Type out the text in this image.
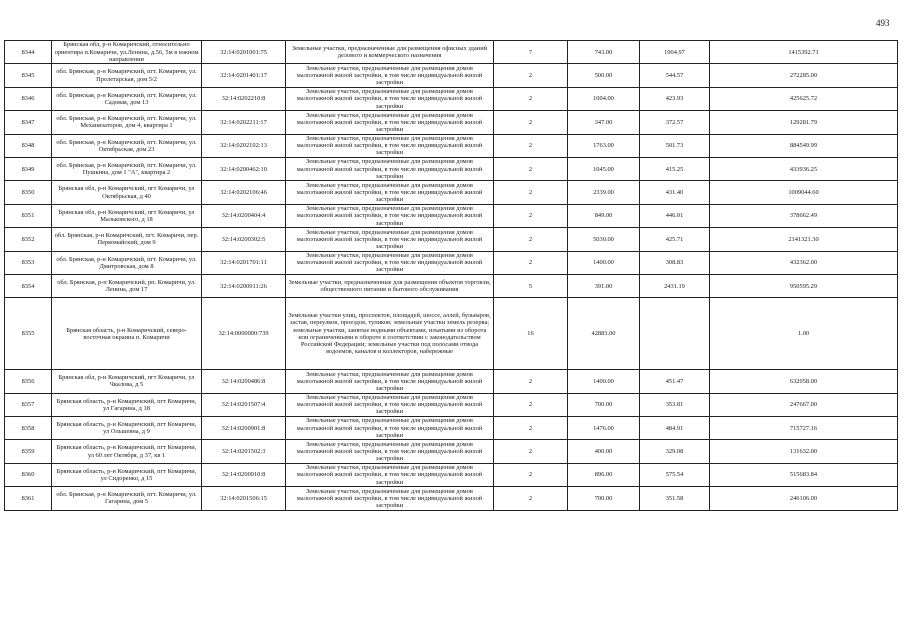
493
8344	Брянская обл, р-н Комаричский, относительно ориентира п.Комаричи, ул.Ленина, д.56, 5м в южном направлении	32:14:0201001:75	Земельные участки, предназначенные для размещения офисных зданий делового и коммерческого назначения	7	743.00	1904.97	1415392.71
8345	обл. Брянская, р-н Комаричский, пгт. Комаричи, ул. Пролетарская, дом 5/2	32:14:0201401:17	Земельные участки, предназначенные для размещения домов малоэтажной жилой застройки, в том числе индивидуальной жилой застройки	2	500.00	544.57	272285.00
8346	обл. Брянская, р-н Комаричский, пгт. Комаричи, ул. Садовая, дом 13	32:14:0202210:8	Земельные участки, предназначенные для размещения домов малоэтажной жилой застройки, в том числе индивидуальной жилой застройки	2	1004.00	423.93	425625.72
8347	обл. Брянская, р-н Комаричский, пгт. Комаричи, ул. Механизаторов, дом 4, квартира 1	32:14:0202211:17	Земельные участки, предназначенные для размещения домов малоэтажной жилой застройки, в том числе индивидуальной жилой застройки	2	347.00	372.57	129281.79
8348	обл. Брянская, р-н Комаричский, пгт. Комаричи, ул. Октябрьская, дом 23	32:14:0202102:13	Земельные участки, предназначенные для размещения домов малоэтажной жилой застройки, в том числе индивидуальной жилой застройки	2	1763.00	501.73	884549.99
8349	обл. Брянская, р-н Комаричский, пгт. Комаричи, ул. Пушкина, дом 1 "А", квартира 2	32:14:0200462:10	Земельные участки, предназначенные для размещения домов малоэтажной жилой застройки, в том числе индивидуальной жилой застройки	2	1045.00	415.25	433936.25
8350	Брянская обл, р-н Комаричский, пгт Комаричи, ул Октябрьская, д 40	32:14:0202106:46	Земельные участки, предназначенные для размещения домов малоэтажной жилой застройки, в том числе индивидуальной жилой застройки	2	2339.00	431.40	1009044.60
8351	Брянская обл, р-н Комаричский, пгт Комаричи, ул Мальковского, д 18	32:14:0200404:4	Земельные участки, предназначенные для размещения домов малоэтажной жилой застройки, в том числе индивидуальной жилой застройки	2	849.00	446.01	378662.49
8352	обл. Брянская, р-н Комаричский, пгт. Комаричи, пер. Первомайский, дом 9	32:14:0200302:5	Земельные участки, предназначенные для размещения домов малоэтажной жилой застройки, в том числе индивидуальной жилой застройки	2	5030.00	425.71	2141321.30
8353	обл. Брянская, р-н Комаричский, пгт. Комаричи, ул. Дмитровская, дом 8	32:14:0201701:11	Земельные участки, предназначенные для размещения домов малоэтажной жилой застройки, в том числе индивидуальной жилой застройки	2	1400.00	308.83	432362.00
8354	обл. Брянская, р-н Комаричский, рп. Комаричи, ул. Ленина, дом 17	32:14:0200911:26	Земельные участки, предназначенные для размещения объектов торговли, общественного питания и бытового обслуживания	5	391.00	2431.19	950595.29
8355	Брянская область, р-н Комаричский, северо-восточная окраина п. Комаричи	32:14:0000000:739	Земельные участки улиц, проспектов, площадей, шоссе, аллей, бульваров, застав, переулков, проездов, тупиков; земельные участки земель резерва; земельные участки, занятые водными объектами, изъятыми из оборота или ограниченными в обороте в соответствии с законодательством Российской Федерации; земельные участки под полосами отвода водоемов, каналов и коллекторов, набережные	16	42883.00		1.00
8356	Брянская обл, р-н Комаричский, пгт Комаричи, ул Чкалова, д 5	32:14:0200486:8	Земельные участки, предназначенные для размещения домов малоэтажной жилой застройки, в том числе индивидуальной жилой застройки	2	1400.00	451.47	632058.00
8357	Брянская область, р-н Комаричский, пгт Комаричи, ул Гагарина, д 18	32:14:0201507:4	Земельные участки, предназначенные для размещения домов малоэтажной жилой застройки, в том числе индивидуальной жилой застройки	2	700.00	353.81	247667.00
8358	Брянская область, р-н Комаричский, пгт Комаричи, ул Ольшевна, д 9	32:14:0200901:8	Земельные участки, предназначенные для размещения домов малоэтажной жилой застройки, в том числе индивидуальной жилой застройки	2	1476.00	484.91	715727.16
8359	Брянская область, р-н Комаричский, пгт Комаричи, ул 60 лет Октября, д 37, кв 1	32:14:0201502:3	Земельные участки, предназначенные для размещения домов малоэтажной жилой застройки, в том числе индивидуальной жилой застройки	2	400.00	329.08	131632.00
8360	Брянская область, р-н Комаричский, пгт Комаричи, ул Сидоренко, д 15	32:14:0200910:8	Земельные участки, предназначенные для размещения домов малоэтажной жилой застройки, в том числе индивидуальной жилой застройки	2	896.00	575.54	515683.84
8361	обл. Брянская, р-н Комаричский, пгт. Комаричи, ул. Гагарина, дом 5	32:14:0201506:15	Земельные участки, предназначенные для размещения домов малоэтажной жилой застройки, в том числе индивидуальной жилой застройки	2	700.00	351.58	246106.00
